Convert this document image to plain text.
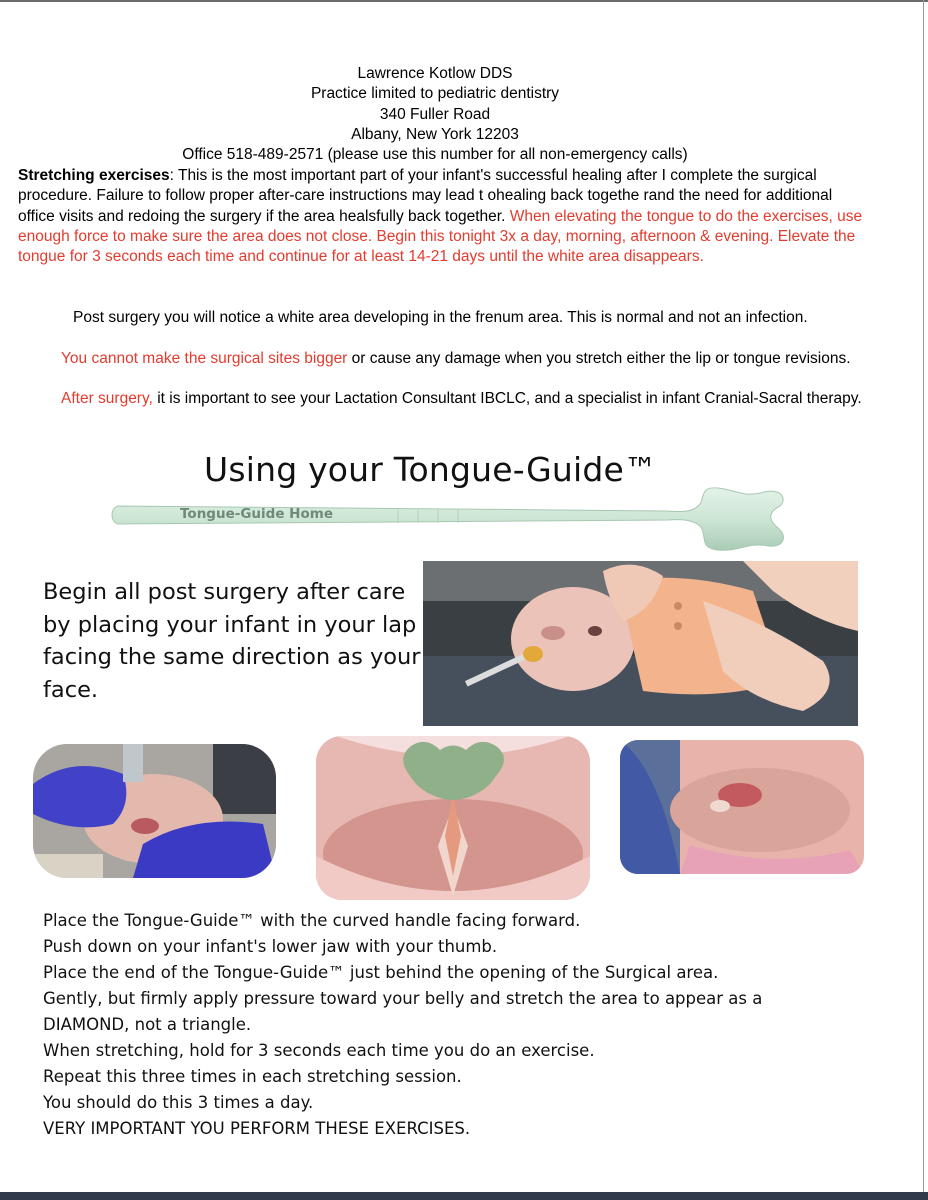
Lawrence Kotlow DDS
Practice limited to pediatric dentistry
340 Fuller Road
Albany, New York 12203
Office 518-489-2571 (please use this number for all non-emergency calls)
Stretching exercises: This is the most important part of your infant's successful healing after I complete the surgical procedure. Failure to follow proper after-care instructions may lead t ohealing back togethe rand the need for additional office visits and redoing the surgery if the area healsfully back together. When elevating the tongue to do the exercises, use enough force to make sure the area does not close. Begin this tonight 3x a day, morning, afternoon & evening. Elevate the tongue for 3 seconds each time and continue for at least 14-21 days until the white area disappears.
Post surgery you will notice a white area developing in the frenum area. This is normal and not an infection.
You cannot make the surgical sites bigger or cause any damage when you stretch either the lip or tongue revisions.
After surgery, it is important to see your Lactation Consultant IBCLC, and a specialist in infant Cranial-Sacral therapy.
Using your Tongue-Guide™
Tongue-Guide Home
Begin all post surgery after care by placing your infant in your lap facing the same direction as your face.
Place the Tongue-Guide™ with the curved handle facing forward.
Push down on your infant's lower jaw with your thumb.
Place the end of the Tongue-Guide™ just behind the opening of the Surgical area.
Gently, but firmly apply pressure toward your belly and stretch the area to appear as a
DIAMOND, not a triangle.
When stretching, hold for 3 seconds each time you do an exercise.
Repeat this three times in each stretching session.
You should do this 3 times a day.
VERY IMPORTANT YOU PERFORM THESE EXERCISES.
